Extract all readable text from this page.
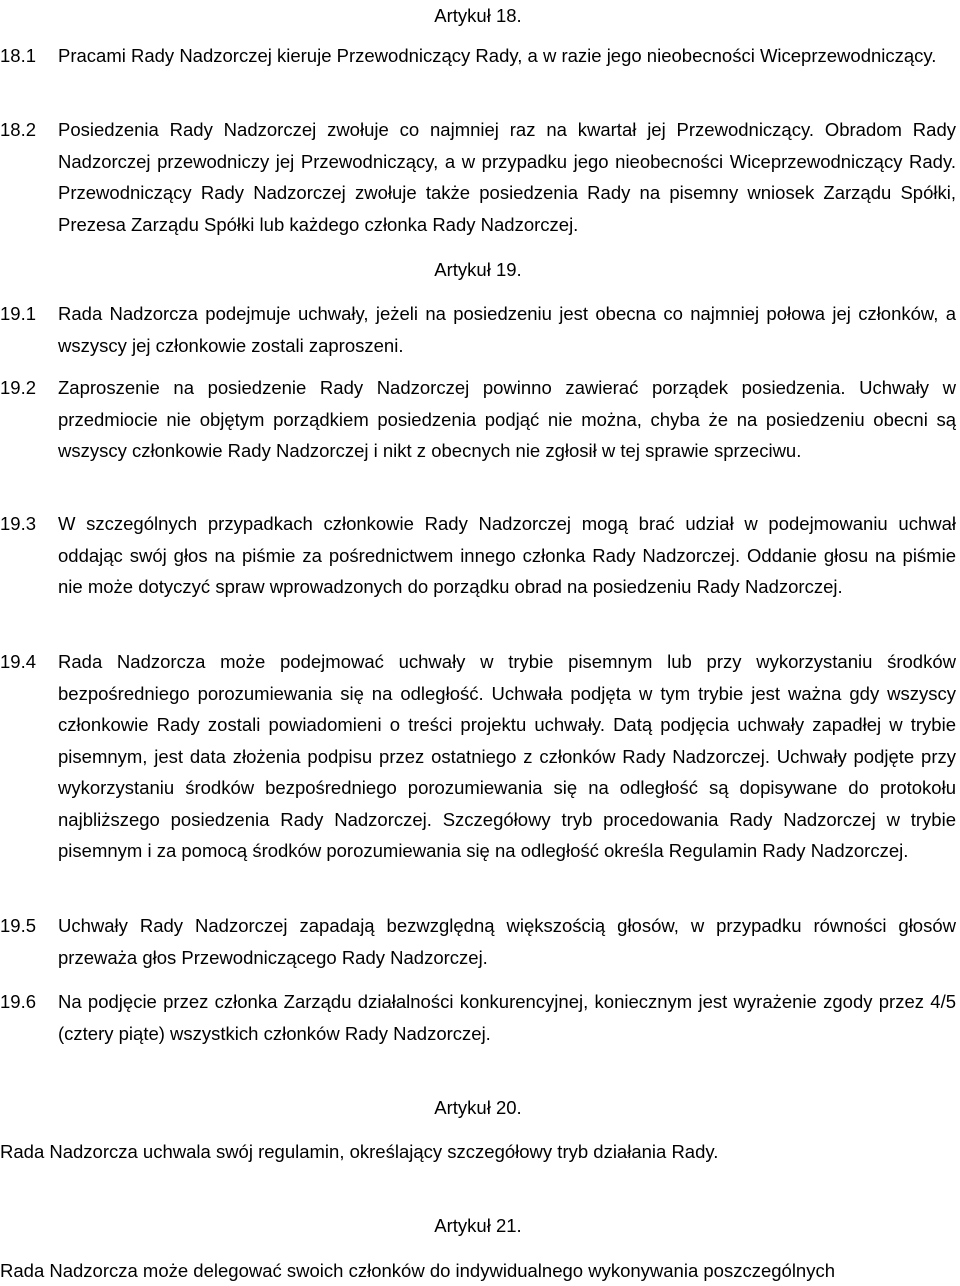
Artykuł 18.

18.1 Pracami Rady Nadzorczej kieruje Przewodniczący Rady, a w razie jego nieobecności Wiceprzewodniczący.

18.2 Posiedzenia Rady Nadzorczej zwołuje co najmniej raz na kwartał jej Przewodniczący. Obradom Rady Nadzorczej przewodniczy jej Przewodniczący, a w przypadku jego nieobecności Wiceprzewodniczący Rady. Przewodniczący Rady Nadzorczej zwołuje także posiedzenia Rady na pisemny wniosek Zarządu Spółki, Prezesa Zarządu Spółki lub każdego członka Rady Nadzorczej.

Artykuł 19.

19.1 Rada Nadzorcza podejmuje uchwały, jeżeli na posiedzeniu jest obecna co najmniej połowa jej członków, a wszyscy jej członkowie zostali zaproszeni.

19.2 Zaproszenie na posiedzenie Rady Nadzorczej powinno zawierać porządek posiedzenia. Uchwały w przedmiocie nie objętym porządkiem posiedzenia podjąć nie można, chyba że na posiedzeniu obecni są wszyscy członkowie Rady Nadzorczej i nikt z obecnych nie zgłosił w tej sprawie sprzeciwu.

19.3 W szczególnych przypadkach członkowie Rady Nadzorczej mogą brać udział w podejmowaniu uchwał oddając swój głos na piśmie za pośrednictwem innego członka Rady Nadzorczej. Oddanie głosu na piśmie nie może dotyczyć spraw wprowadzonych do porządku obrad na posiedzeniu Rady Nadzorczej.

19.4 Rada Nadzorcza może podejmować uchwały w trybie pisemnym lub przy wykorzystaniu środków bezpośredniego porozumiewania się na odległość. Uchwała podjęta w tym trybie jest ważna gdy wszyscy członkowie Rady zostali powiadomieni o treści projektu uchwały. Datą podjęcia uchwały zapadłej w trybie pisemnym, jest data złożenia podpisu przez ostatniego z członków Rady Nadzorczej. Uchwały podjęte przy wykorzystaniu środków bezpośredniego porozumiewania się na odległość są dopisywane do protokołu najbliższego posiedzenia Rady Nadzorczej. Szczegółowy tryb procedowania Rady Nadzorczej w trybie pisemnym i za pomocą środków porozumiewania się na odległość określa Regulamin Rady Nadzorczej.

19.5 Uchwały Rady Nadzorczej zapadają bezwzględną większością głosów, w przypadku równości głosów przeważa głos Przewodniczącego Rady Nadzorczej.

19.6 Na podjęcie przez członka Zarządu działalności konkurencyjnej, koniecznym jest wyrażenie zgody przez 4/5 (cztery piąte) wszystkich członków Rady Nadzorczej.

Artykuł 20.

Rada Nadzorcza uchwala swój regulamin, określający szczegółowy tryb działania Rady.

Artykuł 21.

Rada Nadzorcza może delegować swoich członków do indywidualnego wykonywania poszczególnych
